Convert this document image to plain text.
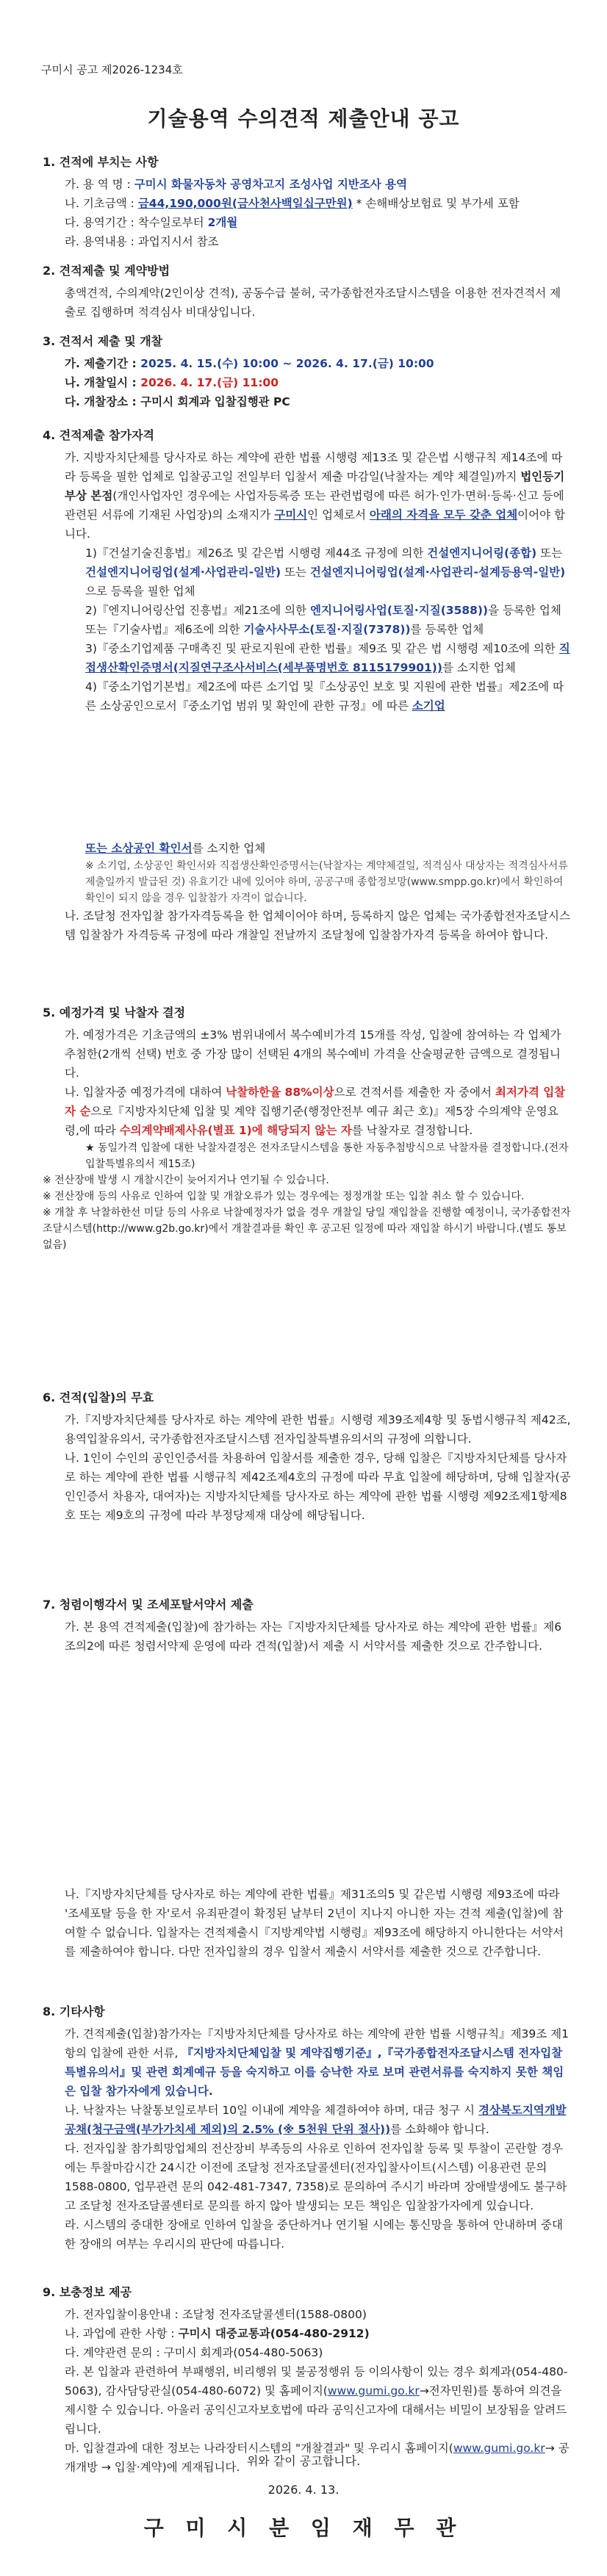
구미시 공고 제2026-1234호
기술용역 수의견적 제출안내 공고
1. 견적에 부치는 사항
가. 용 역 명 : 구미시 화물자동차 공영차고지 조성사업 지반조사 용역
나. 기초금액 : 금44,190,000원(금사천사백일십구만원) * 손해배상보험료 및 부가세 포함
다. 용역기간 : 착수일로부터 2개월
라. 용역내용 : 과업지시서 참조
2. 견적제출 및 계약방법
총액견적, 수의계약(2인이상 견적), 공동수급 불허, 국가종합전자조달시스템을 이용한 전자견적서 제출로 집행하며 적격심사 비대상입니다.
3. 견적서 제출 및 개찰
가. 제출기간 : 2025. 4. 15.(수) 10:00 ~ 2026. 4. 17.(금) 10:00
나. 개찰일시 : 2026. 4. 17.(금) 11:00
다. 개찰장소 : 구미시 회계과 입찰집행관 PC
4. 견적제출 참가자격
가. 지방자치단체를 당사자로 하는 계약에 관한 법률 시행령 제13조 및 같은법 시행규칙 제14조에 따라 등록을 필한 업체로 입찰공고일 전일부터 입찰서 제출 마감일(낙찰자는 계약 체결일)까지 법인등기부상 본점(개인사업자인 경우에는 사업자등록증 또는 관련법령에 따른 허가·인가·면허·등록·신고 등에 관련된 서류에 기재된 사업장)의 소재지가 구미시인 업체로서 아래의 자격을 모두 갖춘 업체이어야 합니다.
1)『건설기술진흥법』제26조 및 같은법 시행령 제44조 규정에 의한 건설엔지니어링(종합) 또는 건설엔지니어링업(설계·사업관리-일반) 또는 건설엔지니어링업(설계·사업관리-설계등용역-일반)으로 등록을 필한 업체
2)『엔지니어링산업 진흥법』제21조에 의한 엔지니어링사업(토질·지질(3588))을 등록한 업체 또는『기술사법』제6조에 의한 기술사사무소(토질·지질(7378))를 등록한 업체
3)『중소기업제품 구매촉진 및 판로지원에 관한 법률』제9조 및 같은 법 시행령 제10조에 의한 직접생산확인증명서(지질연구조사서비스(세부품명번호 8115179901))를 소지한 업체
4)『중소기업기본법』제2조에 따른 소기업 및『소상공인 보호 및 지원에 관한 법률』제2조에 따른 소상공인으로서『중소기업 범위 및 확인에 관한 규정』에 따른 소기업
또는 소상공인 확인서를 소지한 업체
※ 소기업, 소상공인 확인서와 직접생산확인증명서는(낙찰자는 계약체결일, 적격심사 대상자는 적격심사서류 제출일까지 발급된 것) 유효기간 내에 있어야 하며, 공공구매 종합정보망(www.smpp.go.kr)에서 확인하여 확인이 되지 않을 경우 입찰참가 자격이 없습니다.
나. 조달청 전자입찰 참가자격등록을 한 업체이어야 하며, 등록하지 않은 업체는 국가종합전자조달시스템 입찰참가 자격등록 규정에 따라 개찰일 전날까지 조달청에 입찰참가자격 등록을 하여야 합니다.
5. 예정가격 및 낙찰자 결정
가. 예정가격은 기초금액의 ±3% 범위내에서 복수예비가격 15개를 작성, 입찰에 참여하는 각 업체가 추첨한(2개씩 선택) 번호 중 가장 많이 선택된 4개의 복수예비 가격을 산술평균한 금액으로 결정됩니다.
나. 입찰자중 예정가격에 대하여 낙찰하한율 88%이상으로 견적서를 제출한 자 중에서 최저가격 입찰자 순으로『지방자치단체 입찰 및 계약 집행기준(행정안전부 예규 최근 호)』제5장 수의계약 운영요령,에 따라 수의계약배제사유(별표 1)에 해당되지 않는 자를 낙찰자로 결정합니다.
★ 동일가격 입찰에 대한 낙찰자결정은 전자조달시스템을 통한 자동추첨방식으로 낙찰자를 결정합니다.(전자입찰특별유의서 제15조)
※ 전산장애 발생 시 개찰시간이 늦어지거나 연기될 수 있습니다.
※ 전산장애 등의 사유로 인하여 입찰 및 개찰오류가 있는 경우에는 정정개찰 또는 입찰 취소 할 수 있습니다.
※ 개찰 후 낙찰하한선 미달 등의 사유로 낙찰예정자가 없을 경우 개찰일 당일 재입찰을 진행할 예정이니, 국가종합전자조달시스템(http://www.g2b.go.kr)에서 개찰결과를 확인 후 공고된 일정에 따라 재입찰 하시기 바랍니다.(별도 통보 없음)
6. 견적(입찰)의 무효
가.『지방자치단체를 당사자로 하는 계약에 관한 법률』시행령 제39조제4항 및 동법시행규칙 제42조, 용역입찰유의서, 국가종합전자조달시스템 전자입찰특별유의서의 규정에 의합니다.
나. 1인이 수인의 공인인증서를 차용하여 입찰서를 제출한 경우, 당해 입찰은『지방자치단체를 당사자로 하는 계약에 관한 법률 시행규칙 제42조제4호의 규정에 따라 무효 입찰에 해당하며, 당해 입찰자(공인인증서 차용자, 대여자)는 지방자치단체를 당사자로 하는 계약에 관한 법률 시행령 제92조제1항제8호 또는 제9호의 규정에 따라 부정당제재 대상에 해당됩니다.
7. 청렴이행각서 및 조세포탈서약서 제출
가. 본 용역 견적제출(입찰)에 참가하는 자는『지방자치단체를 당사자로 하는 계약에 관한 법률』제6조의2에 따른 청렴서약제 운영에 따라 견적(입찰)서 제출 시 서약서를 제출한 것으로 간주합니다.
나.『지방자치단체를 당사자로 하는 계약에 관한 법률』제31조의5 및 같은법 시행령 제93조에 따라 '조세포탈 등을 한 자'로서 유죄판결이 확정된 날부터 2년이 지나지 아니한 자는 견적 제출(입찰)에 참여할 수 없습니다. 입찰자는 견적제출시『지방계약법 시행령』제93조에 해당하지 아니한다는 서약서를 제출하여야 합니다. 다만 전자입찰의 경우 입찰서 제출시 서약서를 제출한 것으로 간주합니다.
8. 기타사항
가. 견적제출(입찰)참가자는『지방자치단체를 당사자로 하는 계약에 관한 법률 시행규칙』제39조 제1항의 입찰에 관한 서류, 『지방자치단체입찰 및 계약집행기준』,『국가종합전자조달시스템 전자입찰 특별유의서』및 관련 회계예규 등을 숙지하고 이를 승낙한 자로 보며 관련서류를 숙지하지 못한 책임은 입찰 참가자에게 있습니다.
나. 낙찰자는 낙찰통보일로부터 10일 이내에 계약을 체결하여야 하며, 대금 청구 시 경상북도지역개발공채(청구금액(부가가치세 제외)의 2.5% (※ 5천원 단위 절사))를 소화해야 합니다.
다. 전자입찰 참가희망업체의 전산장비 부족등의 사유로 인하여 전자입찰 등록 및 투찰이 곤란할 경우에는 투찰마감시간 24시간 이전에 조달청 전자조달콜센터(전자입찰사이트(시스템) 이용관련 문의 1588-0800, 업무관련 문의 042-481-7347, 7358)로 문의하여 주시기 바라며 장애발생에도 불구하고 조달청 전자조달콜센터로 문의를 하지 않아 발생되는 모든 책임은 입찰참가자에게 있습니다.
라. 시스템의 중대한 장애로 인하여 입찰을 중단하거나 연기될 시에는 통신망을 통하여 안내하며 중대한 장애의 여부는 우리시의 판단에 따릅니다.
9. 보충정보 제공
가. 전자입찰이용안내 : 조달청 전자조달콜센터(1588-0800)
나. 과업에 관한 사항 : 구미시 대중교통과(054-480-2912)
다. 계약관련 문의 : 구미시 회계과(054-480-5063)
라. 본 입찰과 관련하여 부패행위, 비리행위 및 불공정행위 등 이의사항이 있는 경우 회계과(054-480-5063), 감사담당관실(054-480-6072) 및 홈페이지(www.gumi.go.kr→전자민원)를 통하여 의견을 제시할 수 있습니다. 아울러 공익신고자보호법에 따라 공익신고자에 대해서는 비밀이 보장됨을 알려드립니다.
마. 입찰결과에 대한 정보는 나라장터시스템의 "개찰결과" 및 우리시 홈페이지(www.gumi.go.kr→ 공개개방 → 입찰·계약)에 게재됩니다. 위와 같이 공고합니다.
2026. 4. 13.
구 미 시 분 임 재 무 관
